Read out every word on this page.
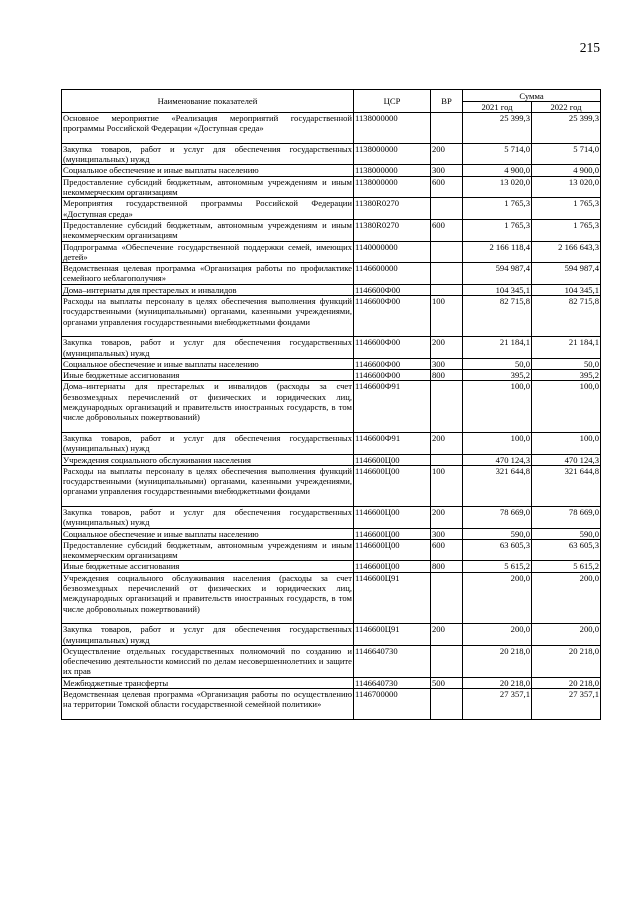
215
Наименование показателей	ЦСР	ВР	Сумма	
			2021 год	2022 год
Основное мероприятие «Реализация мероприятий государственной программы Российской Федерации «Доступная среда»	1138000000		25 399,3	25 399,3
Закупка товаров, работ и услуг для обеспечения государственных (муниципальных) нужд	1138000000	200	5 714,0	5 714,0
Социальное обеспечение и иные выплаты населению	1138000000	300	4 900,0	4 900,0
Предоставление субсидий бюджетным, автономным учреждениям и иным некоммерческим организациям	1138000000	600	13 020,0	13 020,0
Мероприятия государственной программы Российской Федерации «Доступная среда»	11380R0270		1 765,3	1 765,3
Предоставление субсидий бюджетным, автономным учреждениям и иным некоммерческим организациям	11380R0270	600	1 765,3	1 765,3
Подпрограмма «Обеспечение государственной поддержки семей, имеющих детей»	1140000000		2 166 118,4	2 166 643,3
Ведомственная целевая программа «Организация работы по профилактике семейного неблагополучия»	1146600000		594 987,4	594 987,4
Дома–интернаты для престарелых и инвалидов	1146600Ф00		104 345,1	104 345,1
Расходы на выплаты персоналу в целях обеспечения выполнения функций государственными (муниципальными) органами, казенными учреждениями, органами управления государственными внебюджетными фондами	1146600Ф00	100	82 715,8	82 715,8
Закупка товаров, работ и услуг для обеспечения государственных (муниципальных) нужд	1146600Ф00	200	21 184,1	21 184,1
Социальное обеспечение и иные выплаты населению	1146600Ф00	300	50,0	50,0
Иные бюджетные ассигнования	1146600Ф00	800	395,2	395,2
Дома–интернаты для престарелых и инвалидов (расходы за счет безвозмездных перечислений от физических и юридических лиц, международных организаций и правительств иностранных государств, в том числе добровольных пожертвований)	1146600Ф91		100,0	100,0
Закупка товаров, работ и услуг для обеспечения государственных (муниципальных) нужд	1146600Ф91	200	100,0	100,0
Учреждения социального обслуживания населения	1146600Ц00		470 124,3	470 124,3
Расходы на выплаты персоналу в целях обеспечения выполнения функций государственными (муниципальными) органами, казенными учреждениями, органами управления государственными внебюджетными фондами	1146600Ц00	100	321 644,8	321 644,8
Закупка товаров, работ и услуг для обеспечения государственных (муниципальных) нужд	1146600Ц00	200	78 669,0	78 669,0
Социальное обеспечение и иные выплаты населению	1146600Ц00	300	590,0	590,0
Предоставление субсидий бюджетным, автономным учреждениям и иным некоммерческим организациям	1146600Ц00	600	63 605,3	63 605,3
Иные бюджетные ассигнования	1146600Ц00	800	5 615,2	5 615,2
Учреждения социального обслуживания населения (расходы за счет безвозмездных перечислений от физических и юридических лиц, международных организаций и правительств иностранных государств, в том числе добровольных пожертвований)	1146600Ц91		200,0	200,0
Закупка товаров, работ и услуг для обеспечения государственных (муниципальных) нужд	1146600Ц91	200	200,0	200,0
Осуществление отдельных государственных полномочий по созданию и обеспечению деятельности комиссий по делам несовершеннолетних и защите их прав	1146640730		20 218,0	20 218,0
Межбюджетные трансферты	1146640730	500	20 218,0	20 218,0
Ведомственная целевая программа «Организация работы по осуществлению на территории Томской области государственной семейной политики»	1146700000		27 357,1	27 357,1
